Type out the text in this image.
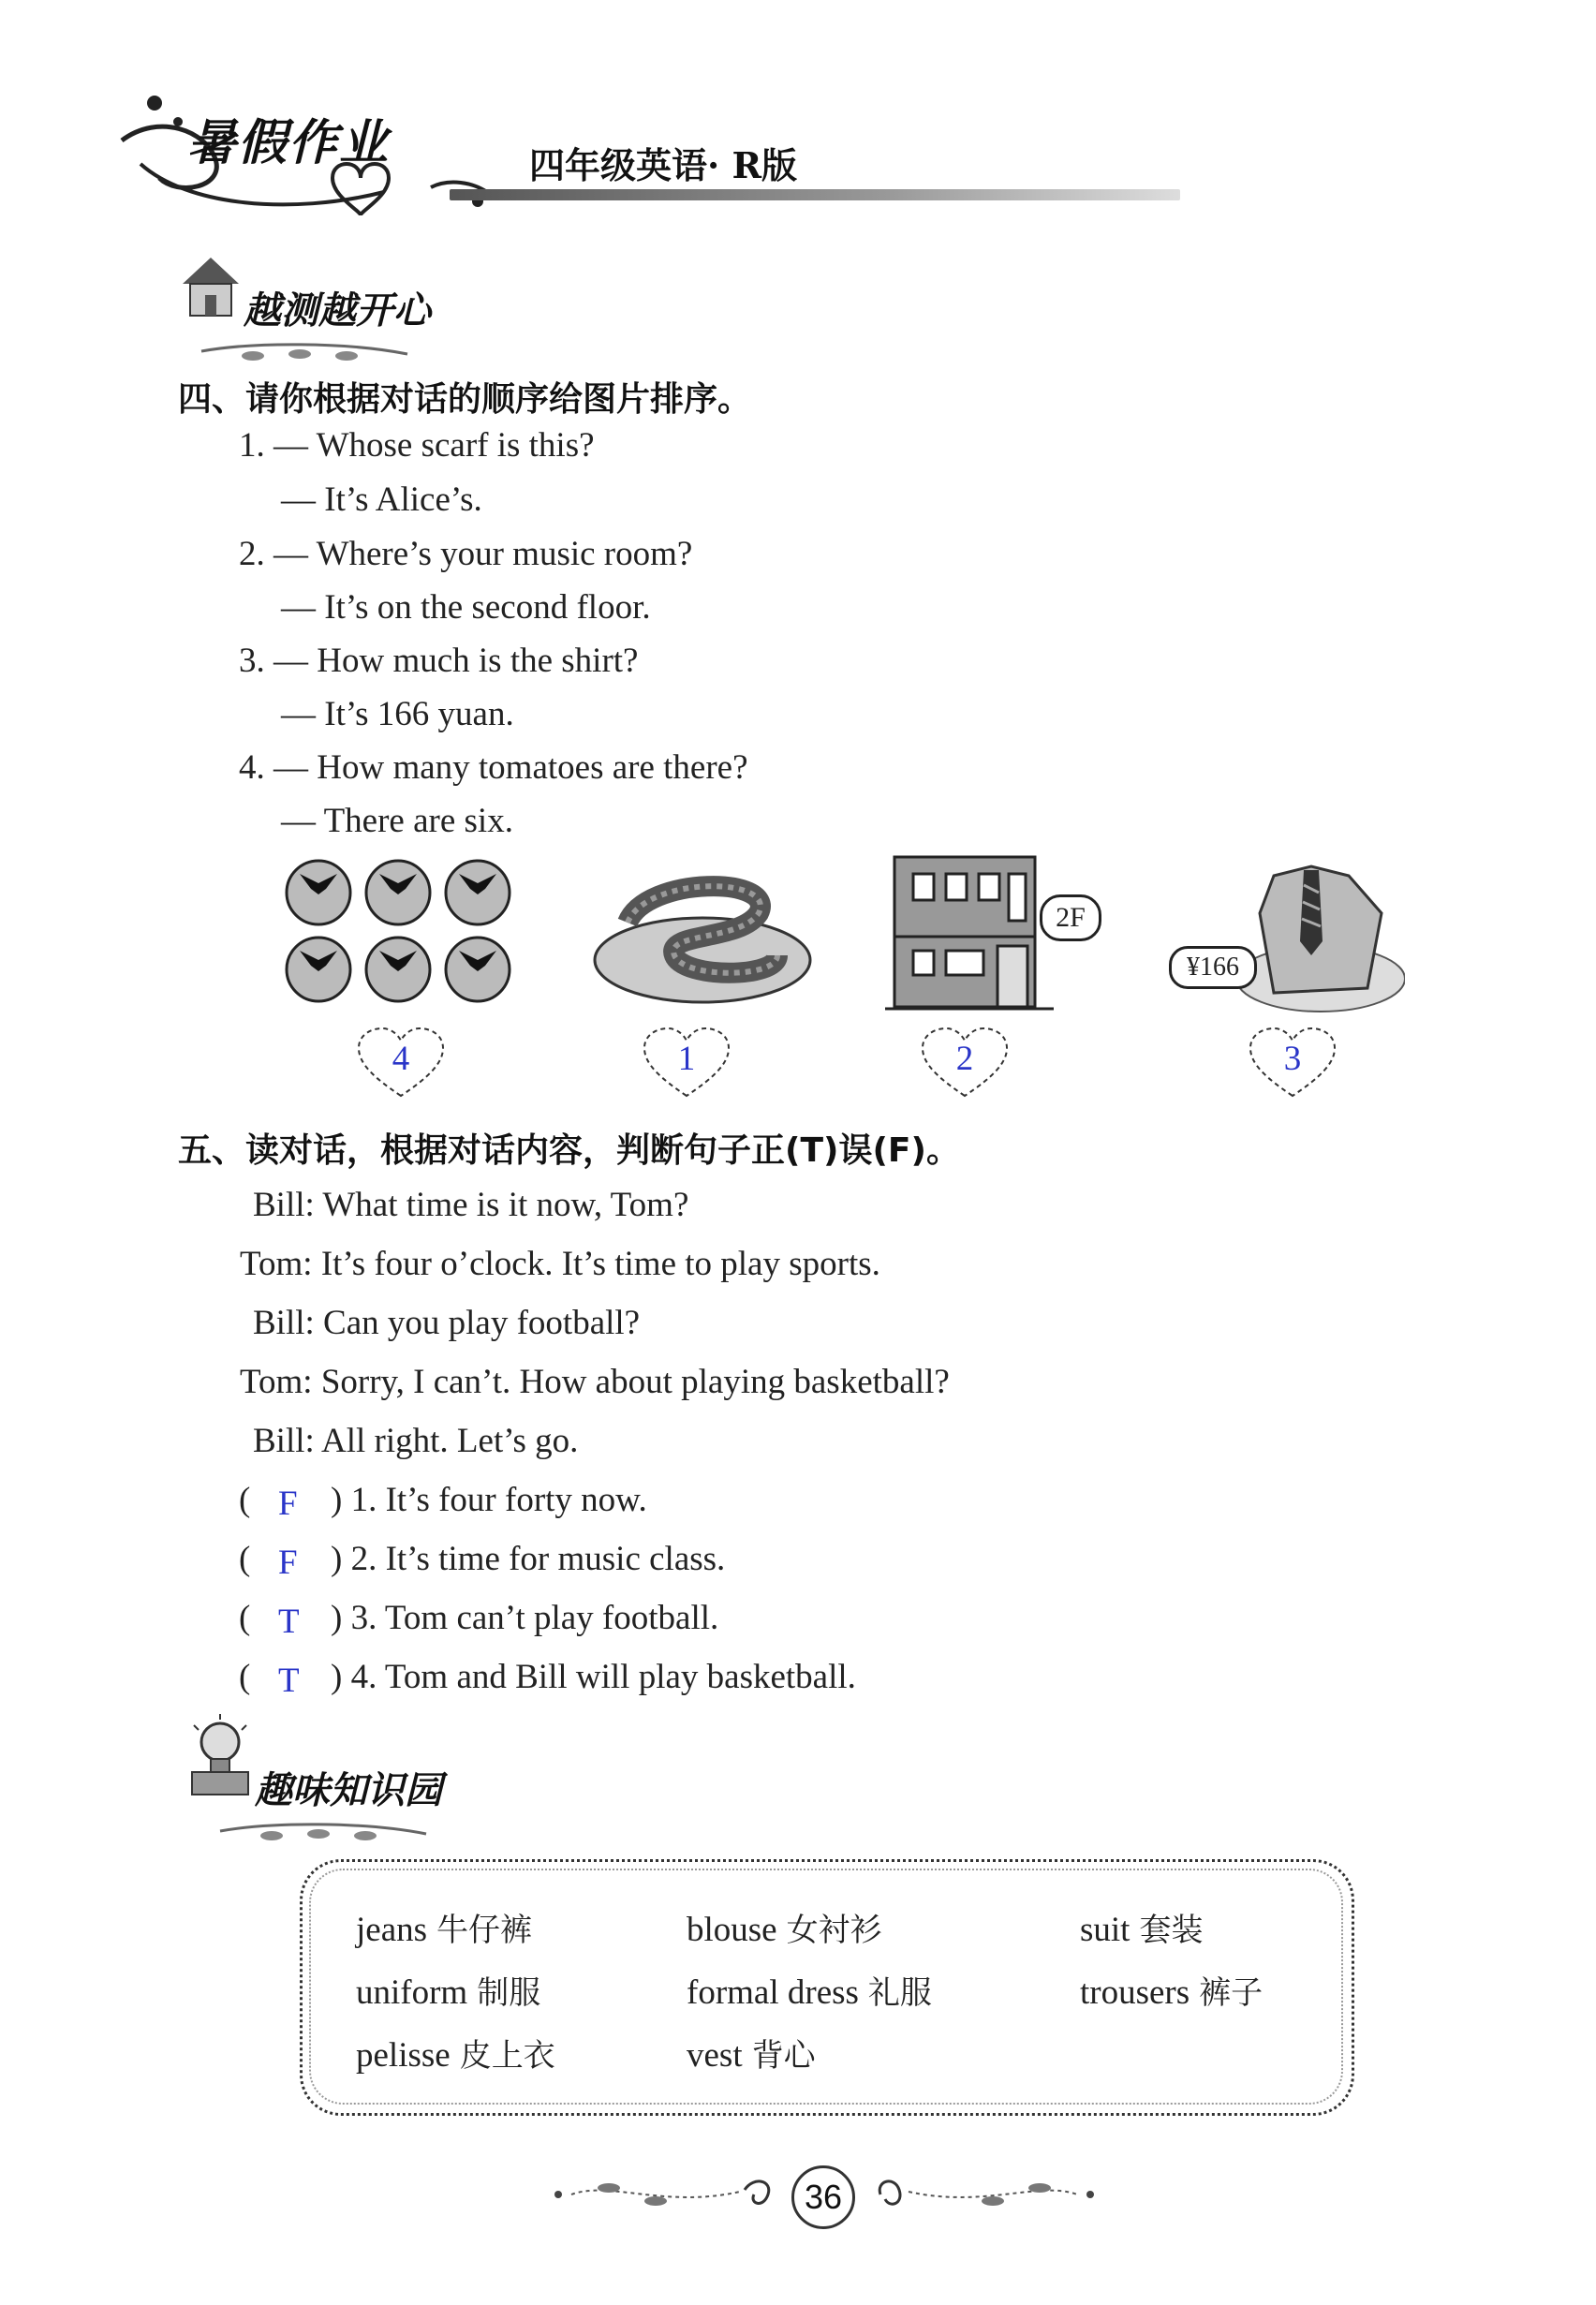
暑假作业	四年级英语· R版
越测越开心
四、请你根据对话的顺序给图片排序。
1. — Whose scarf is this?
— It’s Alice’s.
2. — Where’s your music room?
— It’s on the second floor.
3. — How much is the shirt?
— It’s 166 yuan.
4. — How many tomatoes are there?
— There are six.
2F
¥166
4	1	2	3
五、读对话，根据对话内容，判断句子正(T)误(F)。
Bill: What time is it now, Tom?
Tom: It’s four o’clock. It’s time to play sports.
Bill: Can you play football?
Tom: Sorry, I can’t. How about playing basketball?
Bill: All right. Let’s go.
( F ) 1. It’s four forty now.
( F ) 2. It’s time for music class.
( T ) 3. Tom can’t play football.
( T ) 4. Tom and Bill will play basketball.
趣味知识园
jeans 牛仔裤	blouse 女衬衫	suit 套装
uniform 制服	formal dress 礼服	trousers 裤子
pelisse 皮上衣	vest 背心
36
